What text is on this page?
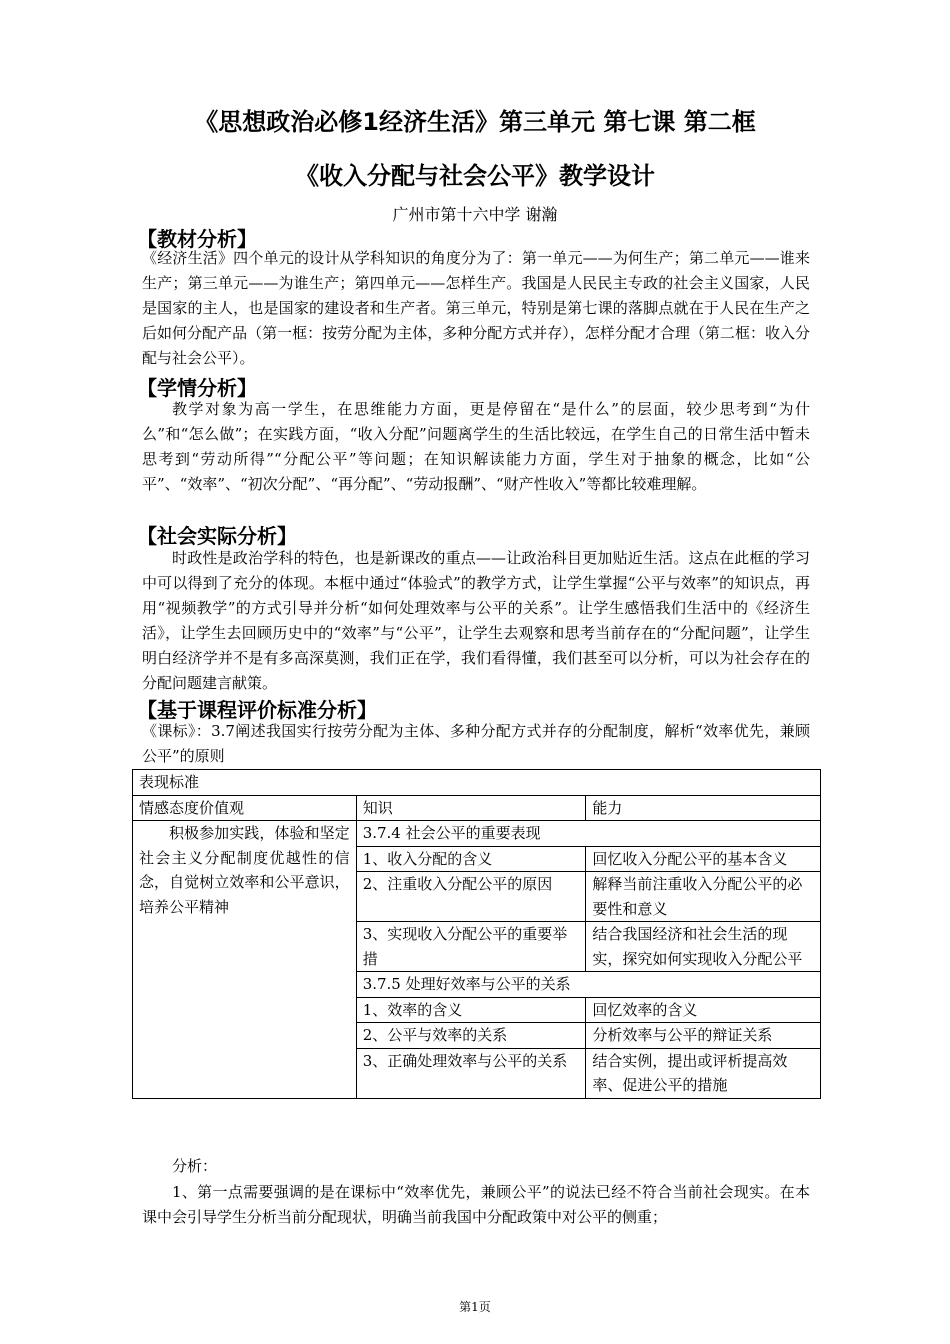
《思想政治必修1经济生活》第三单元 第七课 第二框
《收入分配与社会公平》教学设计
广州市第十六中学 谢瀚
【教材分析】
《经济生活》四个单元的设计从学科知识的角度分为了：第一单元——为何生产；第二单元——谁来生产；第三单元——为谁生产；第四单元——怎样生产。我国是人民民主专政的社会主义国家，人民是国家的主人，也是国家的建设者和生产者。第三单元，特别是第七课的落脚点就在于人民在生产之后如何分配产品（第一框：按劳分配为主体，多种分配方式并存），怎样分配才合理（第二框：收入分配与社会公平）。
【学情分析】
教学对象为高一学生，在思维能力方面，更是停留在“是什么”的层面，较少思考到“为什么”和“怎么做”；在实践方面，“收入分配”问题离学生的生活比较远，在学生自己的日常生活中暂未思考到“劳动所得”“分配公平”等问题；在知识解读能力方面，学生对于抽象的概念，比如“公平”、“效率”、“初次分配”、“再分配”、“劳动报酬”、“财产性收入”等都比较难理解。
【社会实际分析】
时政性是政治学科的特色，也是新课改的重点——让政治科目更加贴近生活。这点在此框的学习中可以得到了充分的体现。本框中通过“体验式”的教学方式，让学生掌握“公平与效率”的知识点，再用“视频教学”的方式引导并分析“如何处理效率与公平的关系”。让学生感悟我们生活中的《经济生活》，让学生去回顾历史中的“效率”与“公平”，让学生去观察和思考当前存在的“分配问题”，让学生明白经济学并不是有多高深莫测，我们正在学，我们看得懂，我们甚至可以分析，可以为社会存在的分配问题建言献策。
【基于课程评价标准分析】
《课标》：3.7阐述我国实行按劳分配为主体、多种分配方式并存的分配制度，解析“效率优先，兼顾公平”的原则
表现标准		
情感态度价值观	知识	能力
积极参加实践，体验和坚定社会主义分配制度优越性的信念，自觉树立效率和公平意识，培养公平精神	3.7.4 社会公平的重要表现	
	1、收入分配的含义	回忆收入分配公平的基本含义
	2、注重收入分配公平的原因	解释当前注重收入分配公平的必要性和意义
	3、实现收入分配公平的重要举措	结合我国经济和社会生活的现实，探究如何实现收入分配公平
	3.7.5 处理好效率与公平的关系	
	1、效率的含义	回忆效率的含义
	2、公平与效率的关系	分析效率与公平的辩证关系
	3、正确处理效率与公平的关系	结合实例，提出或评析提高效率、促进公平的措施

分析：
1、第一点需要强调的是在课标中“效率优先，兼顾公平”的说法已经不符合当前社会现实。在本课中会引导学生分析当前分配现状，明确当前我国中分配政策中对公平的侧重；
第1页
